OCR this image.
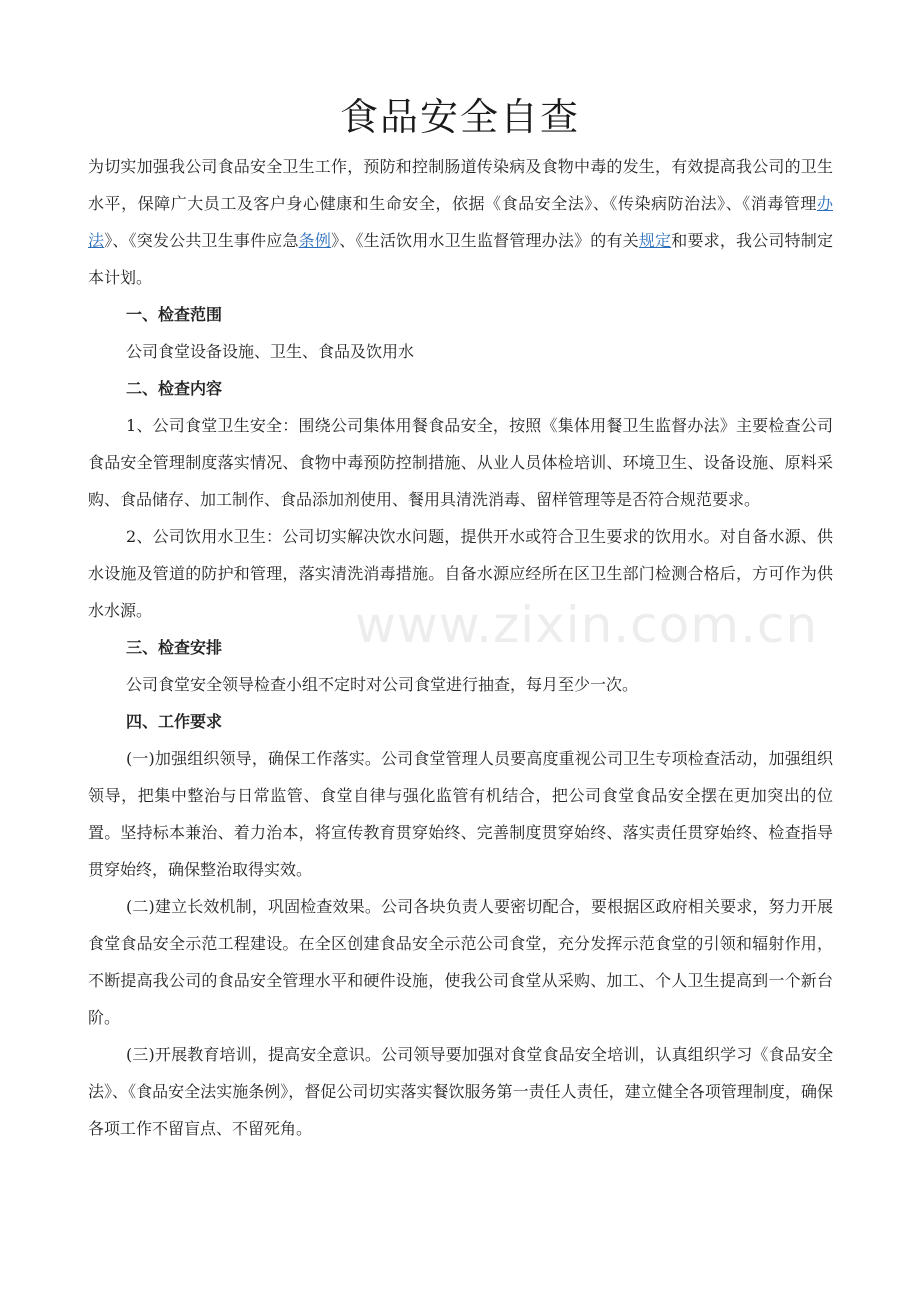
食品安全自查

为切实加强我公司食品安全卫生工作，预防和控制肠道传染病及食物中毒的发生，有效提高我公司的卫生水平，保障广大员工及客户身心健康和生命安全，依据《食品安全法》、《传染病防治法》、《消毒管理办法》、《突发公共卫生事件应急条例》、《生活饮用水卫生监督管理办法》的有关规定和要求，我公司特制定本计划。

一、检查范围

公司食堂设备设施、卫生、食品及饮用水

二、检查内容

1、公司食堂卫生安全：围绕公司集体用餐食品安全，按照《集体用餐卫生监督办法》主要检查公司食品安全管理制度落实情况、食物中毒预防控制措施、从业人员体检培训、环境卫生、设备设施、原料采购、食品储存、加工制作、食品添加剂使用、餐用具清洗消毒、留样管理等是否符合规范要求。

2、公司饮用水卫生：公司切实解决饮水问题，提供开水或符合卫生要求的饮用水。对自备水源、供水设施及管道的防护和管理，落实清洗消毒措施。自备水源应经所在区卫生部门检测合格后，方可作为供水水源。

三、检查安排

公司食堂安全领导检查小组不定时对公司食堂进行抽查，每月至少一次。

四、工作要求

(一)加强组织领导，确保工作落实。公司食堂管理人员要高度重视公司卫生专项检查活动，加强组织领导，把集中整治与日常监管、食堂自律与强化监管有机结合，把公司食堂食品安全摆在更加突出的位置。坚持标本兼治、着力治本，将宣传教育贯穿始终、完善制度贯穿始终、落实责任贯穿始终、检查指导贯穿始终，确保整治取得实效。

(二)建立长效机制，巩固检查效果。公司各块负责人要密切配合，要根据区政府相关要求，努力开展食堂食品安全示范工程建设。在全区创建食品安全示范公司食堂，充分发挥示范食堂的引领和辐射作用，不断提高我公司的食品安全管理水平和硬件设施，使我公司食堂从采购、加工、个人卫生提高到一个新台阶。

(三)开展教育培训，提高安全意识。公司领导要加强对食堂食品安全培训，认真组织学习《食品安全法》、《食品安全法实施条例》，督促公司切实落实餐饮服务第一责任人责任，建立健全各项管理制度，确保各项工作不留盲点、不留死角。

www.zixin.com.cn
